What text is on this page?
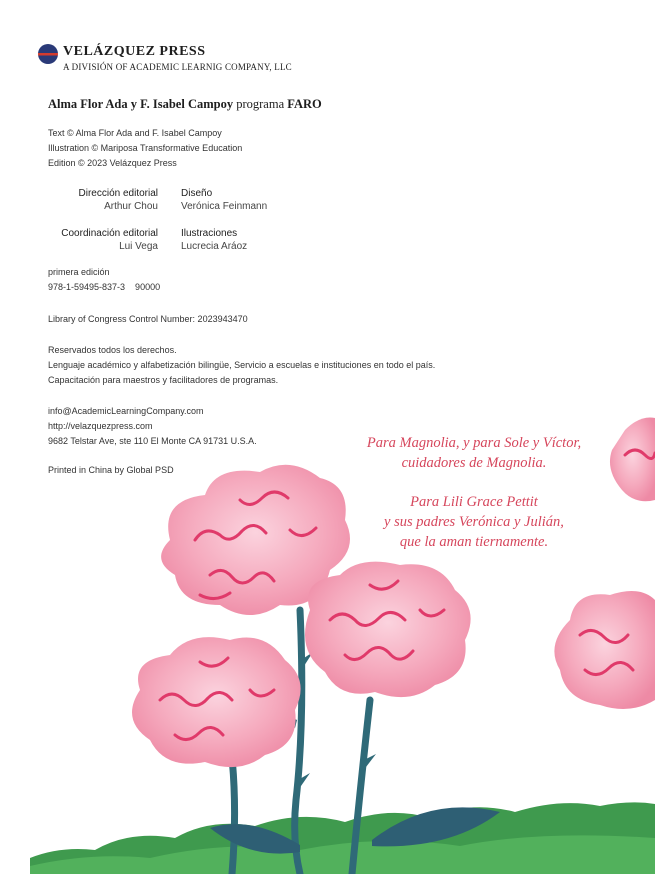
VELÁZQUEZ PRESS
A DIVISIÓN OF ACADEMIC LEARNIG COMPANY, LLC
Alma Flor Ada y F. Isabel Campoy programa FARO
Text © Alma Flor Ada and F. Isabel Campoy
Illustration © Mariposa Transformative Education
Edition © 2023 Velázquez Press
Dirección editorial
Arthur Chou
Diseño
Verónica Feinmann
Coordinación editorial
Lui Vega
Ilustraciones
Lucrecia Aráoz
primera edición
978-1-59495-837-3    90000
Library of Congress Control Number: 2023943470
Reservados todos los derechos.
Lenguaje académico y alfabetización bilingüe, Servicio a escuelas e instituciones en todo el país.
Capacitación para maestros y facilitadores de programas.
info@AcademicLearningCompany.com
http://velazquezpress.com
9682 Telstar Ave, ste 110 El Monte CA 91731 U.S.A.
Printed in China by Global PSD
Para Magnolia, y para Sole y Víctor,
cuidadores de Magnolia.
Para Lili Grace Pettit
y sus padres Verónica y Julián,
que la aman tiernamente.
